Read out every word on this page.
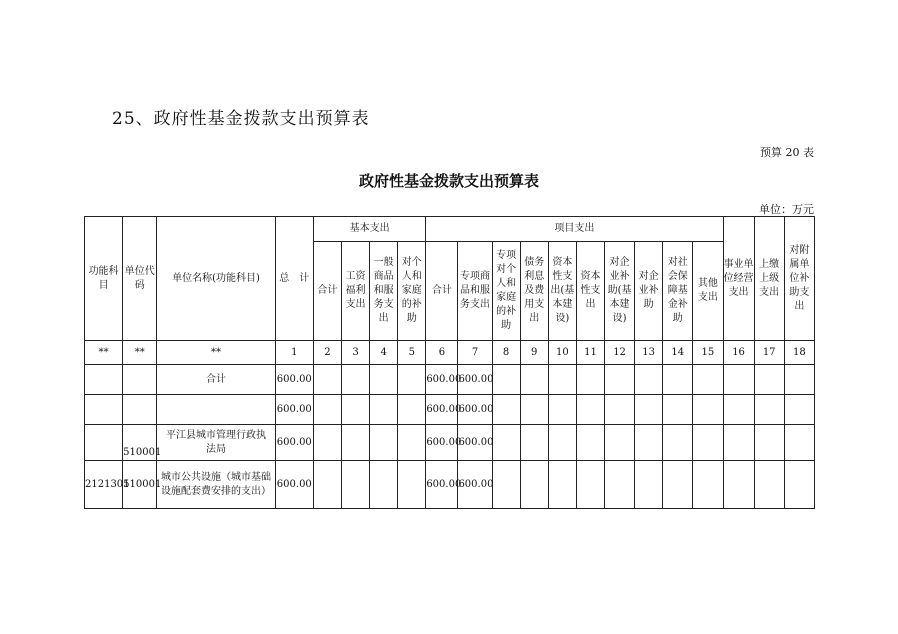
25、政府性基金拨款支出预算表
预算 20 表
政府性基金拨款支出预算表
单位：万元
功能科目	单位代码	单位名称(功能科目)	总　计	基本支出				项目支出										事业单位经营支出	上缴上级支出	对附属单位补助支出
				合计	工资福利支出	一般商品和服务支出	对个人和家庭的补助	合计	专项商品和服务支出	专项对个人和家庭的补助	债务利息及费用支出	资本性支出(基本建设)	资本性支出	对企业补助(基本建设)	对企业补助	对社会保障基金补助	其他支出			
**	**	**	1	2	3	4	5	6	7	8	9	10	11	12	13	14	15	16	17	18
		合计	600.00					600.00	600.00											
			600.00					600.00	600.00											
	510001	平江县城市管理行政执法局	600.00					600.00	600.00											
2121301	510001	城市公共设施（城市基础设施配套费安排的支出）	600.00					600.00	600.00											
